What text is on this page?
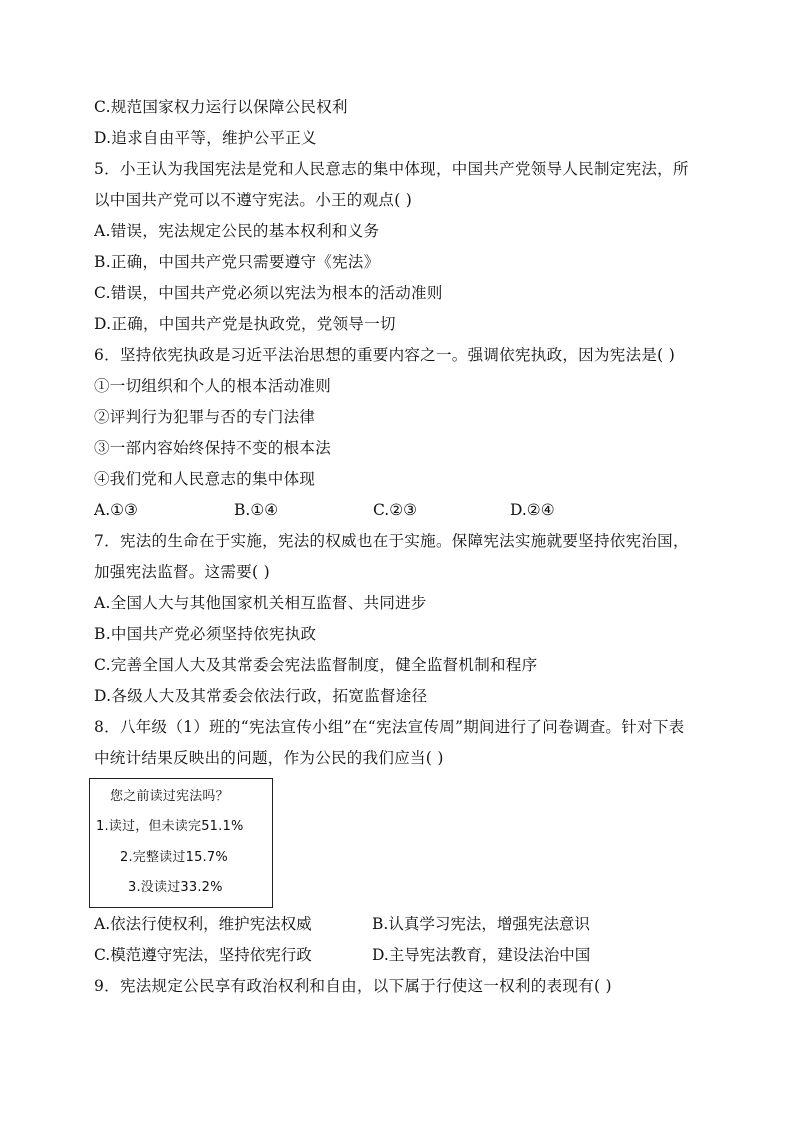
C.规范国家权力运行以保障公民权利
D.追求自由平等，维护公平正义
5．小王认为我国宪法是党和人民意志的集中体现，中国共产党领导人民制定宪法，所
以中国共产党可以不遵守宪法。小王的观点( )
A.错误，宪法规定公民的基本权利和义务
B.正确，中国共产党只需要遵守《宪法》
C.错误，中国共产党必须以宪法为根本的活动准则
D.正确，中国共产党是执政党，党领导一切
6．坚持依宪执政是习近平法治思想的重要内容之一。强调依宪执政，因为宪法是( )
①一切组织和个人的根本活动准则
②评判行为犯罪与否的专门法律
③一部内容始终保持不变的根本法
④我们党和人民意志的集中体现
A.①③	B.①④	C.②③	D.②④
7．宪法的生命在于实施，宪法的权威也在于实施。保障宪法实施就要坚持依宪治国，
加强宪法监督。这需要( )
A.全国人大与其他国家机关相互监督、共同进步
B.中国共产党必须坚持依宪执政
C.完善全国人大及其常委会宪法监督制度，健全监督机制和程序
D.各级人大及其常委会依法行政，拓宽监督途径
8．八年级（1）班的“宪法宣传小组”在“宪法宣传周”期间进行了问卷调查。针对下表
中统计结果反映出的问题，作为公民的我们应当( )
您之前读过宪法吗？
1.读过，但未读完51.1%
2.完整读过15.7%
3.没读过33.2%
A.依法行使权利，维护宪法权威	B.认真学习宪法，增强宪法意识
C.模范遵守宪法，坚持依宪行政	D.主导宪法教育，建设法治中国
9．宪法规定公民享有政治权利和自由，以下属于行使这一权利的表现有( )
